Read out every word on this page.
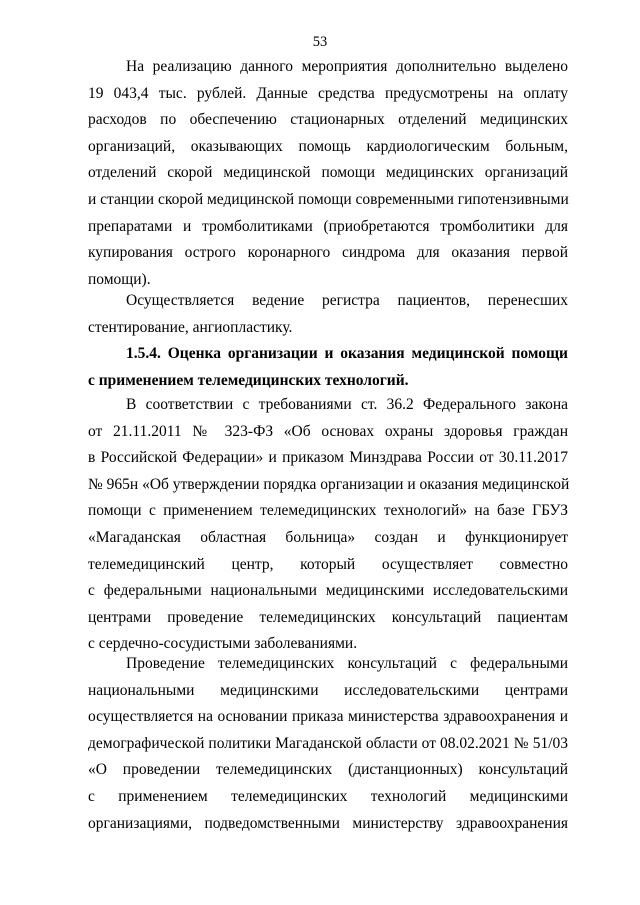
53
На реализацию данного мероприятия дополнительно выделено
19 043,4 тыс. рублей. Данные средства предусмотрены на оплату
расходов по обеспечению стационарных отделений медицинских
организаций, оказывающих помощь кардиологическим больным,
отделений скорой медицинской помощи медицинских организаций
и станции скорой медицинской помощи современными гипотензивными
препаратами и тромболитиками (приобретаются тромболитики для
купирования острого коронарного синдрома для оказания первой
помощи).
Осуществляется ведение регистра пациентов, перенесших
стентирование, ангиопластику.
1.5.4. Оценка организации и оказания медицинской помощи
с применением телемедицинских технологий.
В соответствии с требованиями ст. 36.2 Федерального закона
от 21.11.2011 № 323-ФЗ «Об основах охраны здоровья граждан
в Российской Федерации» и приказом Минздрава России от 30.11.2017
№ 965н «Об утверждении порядка организации и оказания медицинской
помощи с применением телемедицинских технологий» на базе ГБУЗ
«Магаданская областная больница» создан и функционирует
телемедицинский центр, который осуществляет совместно
с федеральными национальными медицинскими исследовательскими
центрами проведение телемедицинских консультаций пациентам
с сердечно-сосудистыми заболеваниями.
Проведение телемедицинских консультаций с федеральными
национальными медицинскими исследовательскими центрами
осуществляется на основании приказа министерства здравоохранения и
демографической политики Магаданской области от 08.02.2021 № 51/03
«О проведении телемедицинских (дистанционных) консультаций
с применением телемедицинских технологий медицинскими
организациями, подведомственными министерству здравоохранения
